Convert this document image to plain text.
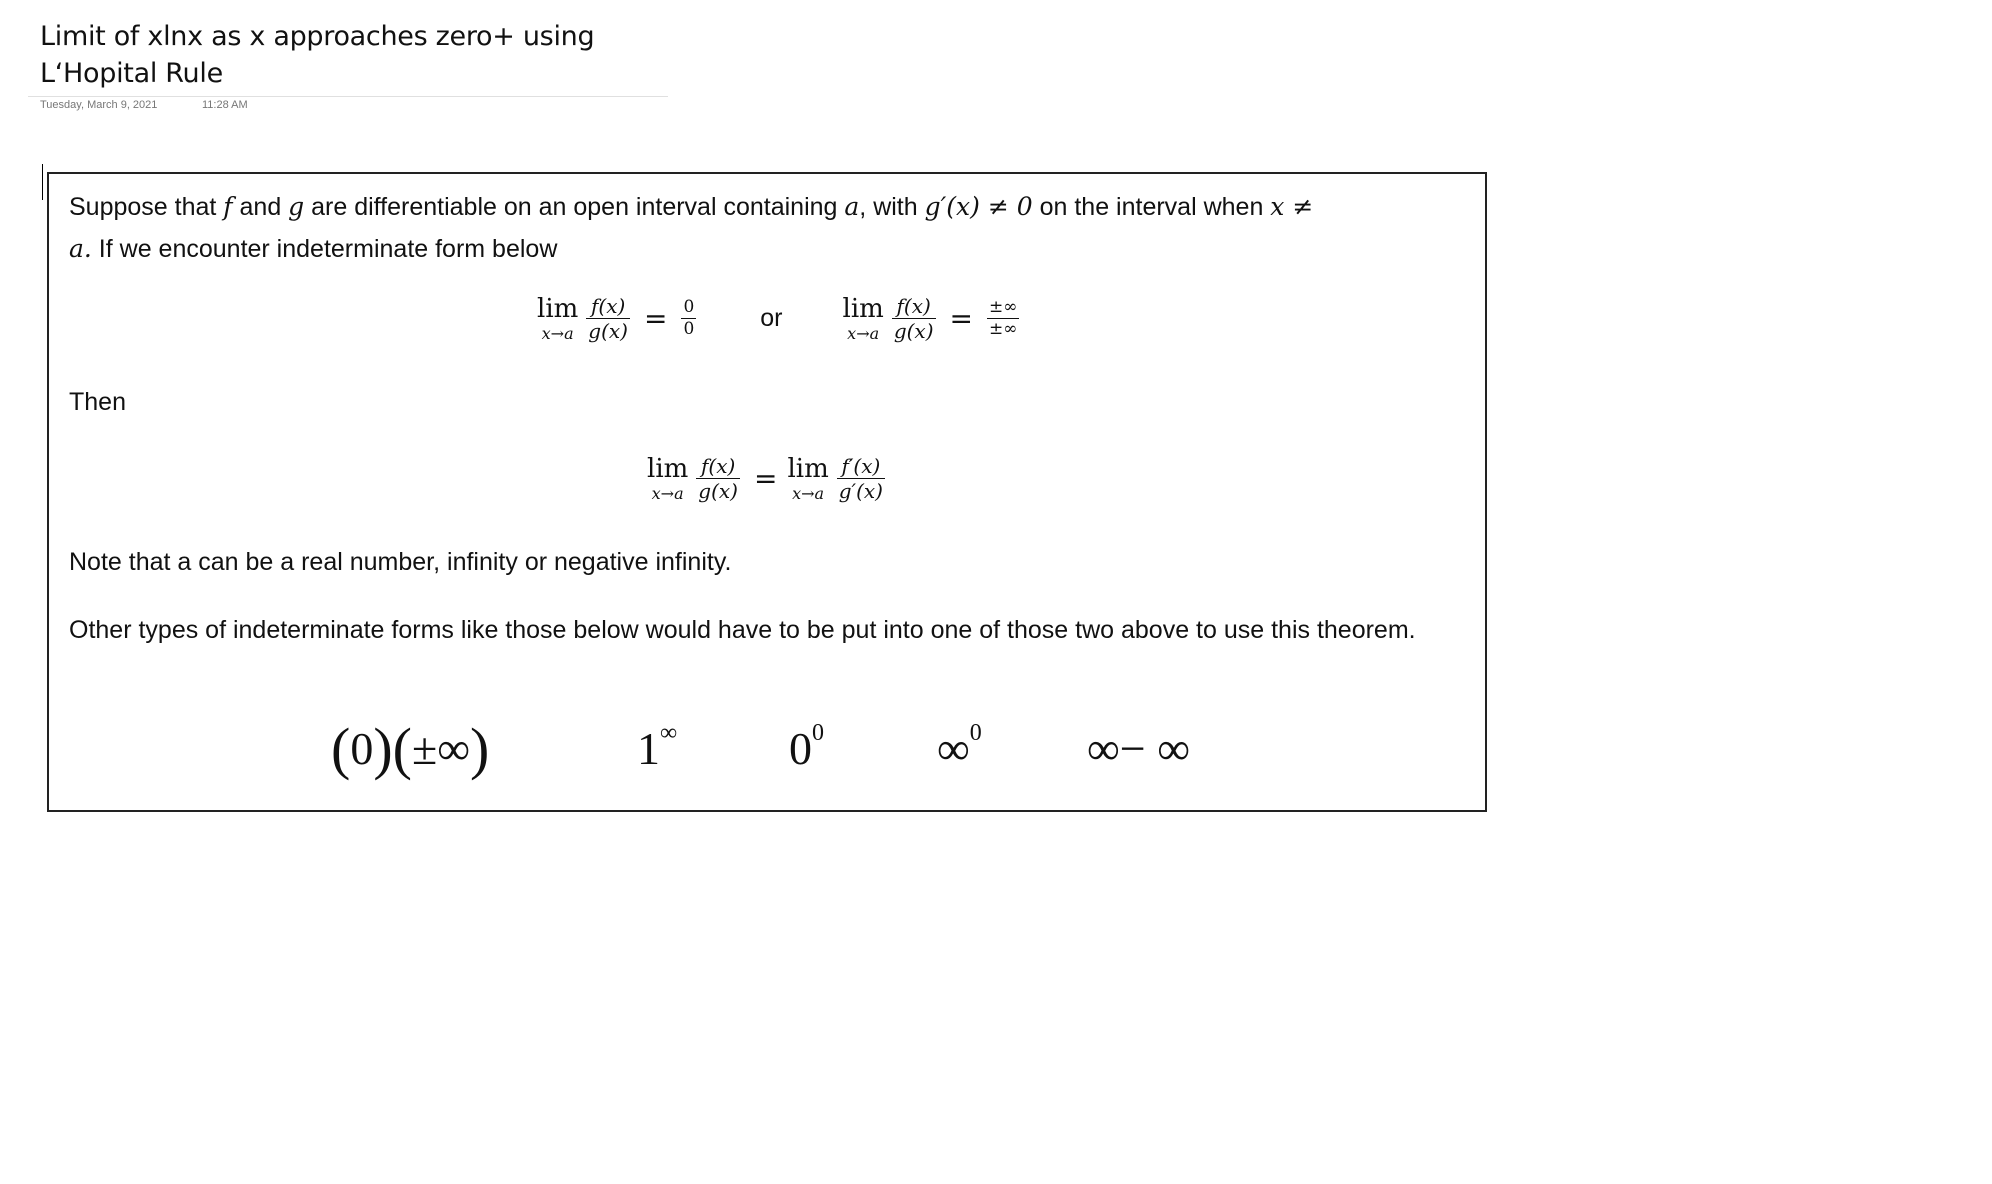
Limit of xlnx as x approaches zero+ using L‘Hopital Rule
Tuesday, March 9, 2021	11:28 AM
Suppose that f and g are differentiable on an open interval containing a, with g′(x) ≠ 0 on the interval when x ≠
a. If we encounter indeterminate form below
lim
$x\to a \frac{f(x)}{g(x)} = \frac{0}{0}$	or lim
$x\to a \frac{f(x)}{g(x)} = \frac{\pm\infty}{\pm\infty}$
Then
lim
$x\to a \frac{f(x)}{g(x)} = \lim$
$x\to a \frac{f'(x)}{g'(x)}$
Note that a can be a real number, infinity or negative infinity.
Other types of indeterminate forms like those below would have to be put into one of those two above to use this theorem.
(0)(±∞)	1∞ $0^0$ ∞$^0$ ∞− ∞
